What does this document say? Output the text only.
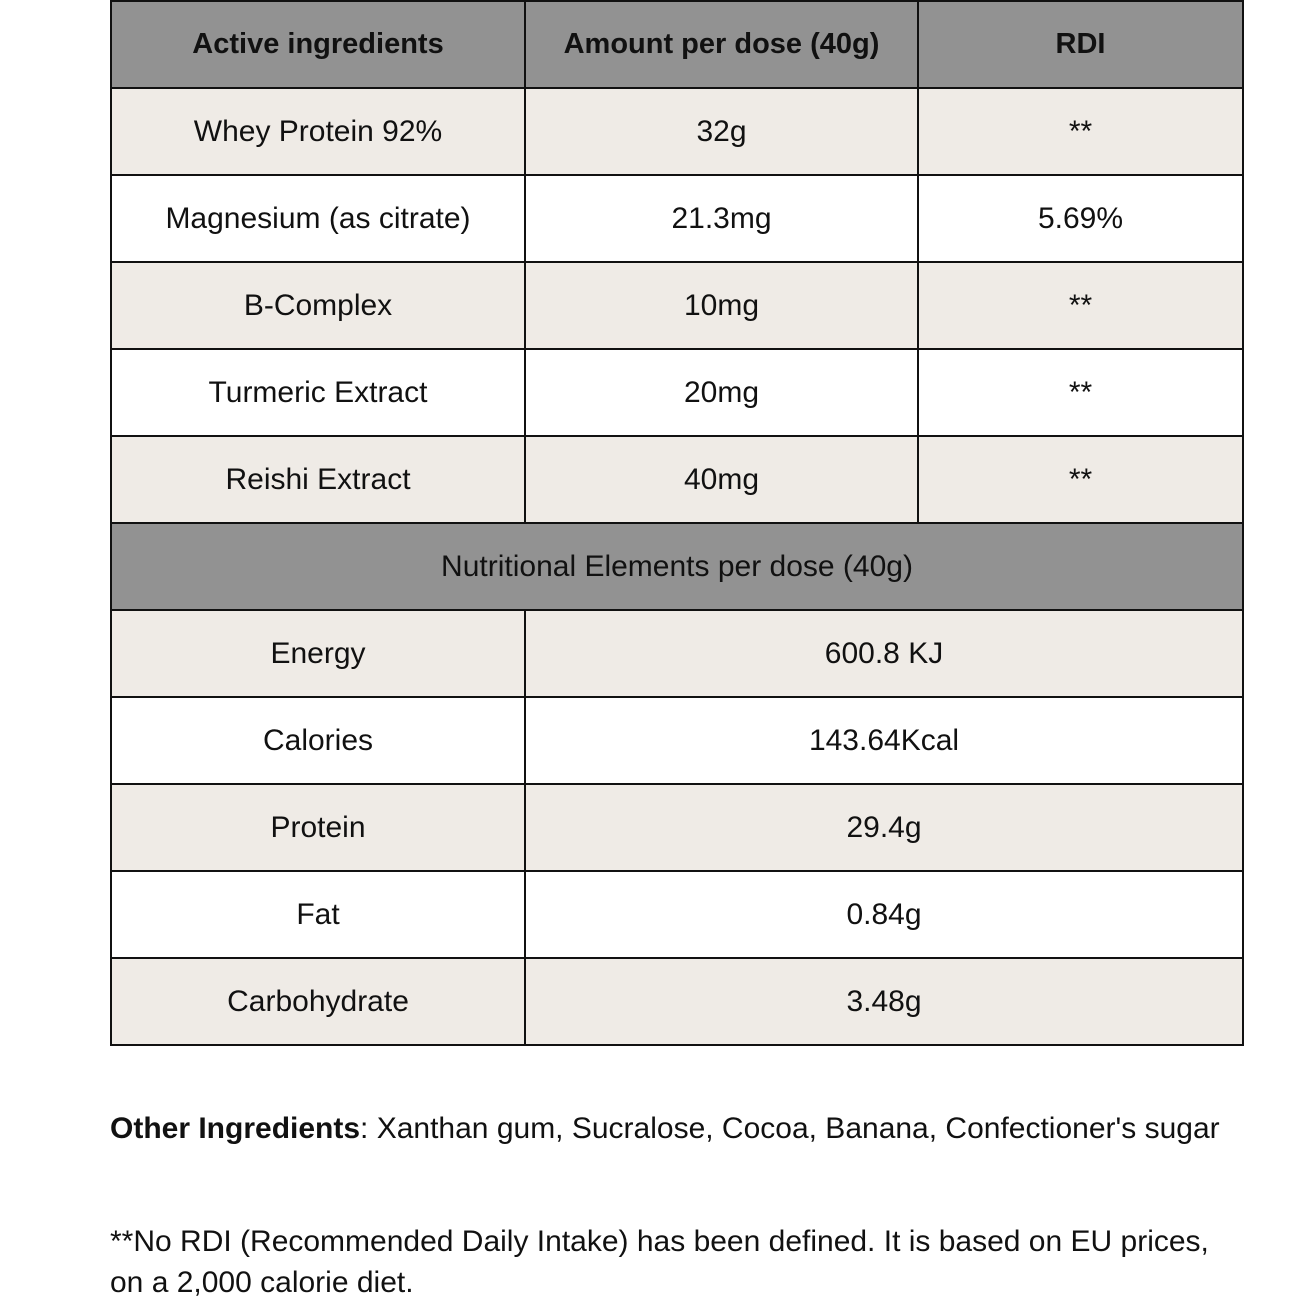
Active ingredients	Amount per dose (40g)	RDI
Whey Protein 92%	32g	**
Magnesium (as citrate)	21.3mg	5.69%
B-Complex	10mg	**
Turmeric Extract	20mg	**
Reishi Extract	40mg	**
Nutritional Elements per dose (40g)		
Energy	600.8 KJ	
Calories	143.64Kcal	
Protein	29.4g	
Fat	0.84g	
Carbohydrate	3.48g	
Other Ingredients: Xanthan gum, Sucralose, Cocoa, Banana, Confectioner's sugar
**No RDI (Recommended Daily Intake) has been defined. It is based on EU prices, on a 2,000 calorie diet.
